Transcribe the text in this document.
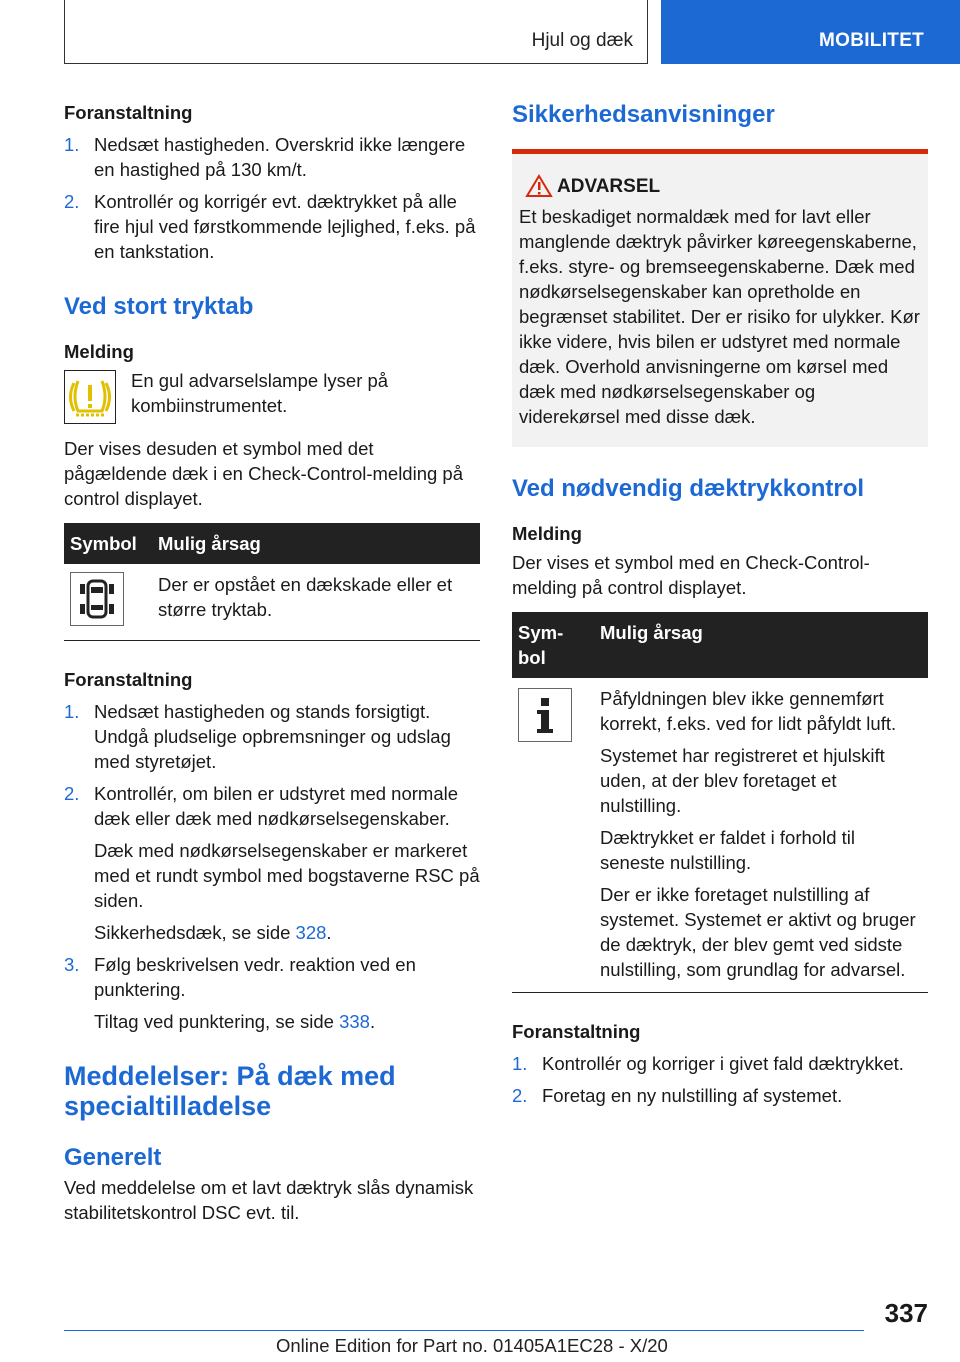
Hjul og dæk	MOBILITET

Foranstaltning

1. Nedsæt hastigheden. Overskrid ikke længere en hastighed på 130 km/t.
2. Kontrollér og korrigér evt. dæktrykket på alle fire hjul ved førstkommende lejlighed, f.eks. på en tankstation.
Ved stort tryktab

Melding

En gul advarselslampe lyser på kombiinstrumentet.

Der vises desuden et symbol med det pågældende dæk i en Check-Control-melding på control displayet.

Symbol	Mulig årsag

	Der er opstået en dækskade eller et større tryktab.

Foranstaltning

1. Nedsæt hastigheden og stands forsigtigt. Undgå pludselige opbremsninger og udslag med styretøjet.
2. Kontrollér, om bilen er udstyret med normale dæk eller dæk med nødkørselsegenskaber.
Dæk med nødkørselsegenskaber er markeret med et rundt symbol med bogstaverne RSC på siden.
Sikkerhedsdæk, se side 328.
3. Følg beskrivelsen vedr. reaktion ved en punktering.
Tiltag ved punktering, se side 338.
Meddelelser: På dæk med specialtilladelse
Generelt

Ved meddelelse om et lavt dæktryk slås dynamisk stabilitetskontrol DSC evt. til.

Sikkerhedsanvisninger

ADVARSEL

Et beskadiget normaldæk med for lavt eller manglende dæktryk påvirker køreegenskaberne, f.eks. styre- og bremseegenskaberne. Dæk med nødkørselsegenskaber kan opretholde en begrænset stabilitet. Der er risiko for ulykker. Kør ikke videre, hvis bilen er udstyret med normale dæk. Overhold anvisningerne om kørsel med dæk med nødkørselsegenskaber og viderekørsel med disse dæk.

Ved nødvendig dæktrykkontrol

Melding

Der vises et symbol med en Check-Control-melding på control displayet.

Sym-bol	Mulig årsag

Påfyldningen blev ikke gennemført korrekt, f.eks. ved for lidt påfyldt luft.
Systemet har registreret et hjulskift uden, at der blev foretaget et nulstilling.
Dæktrykket er faldet i forhold til seneste nulstilling.
Der er ikke foretaget nulstilling af systemet. Systemet er aktivt og bruger de dæktryk, der blev gemt ved sidste nulstilling, som grundlag for advarsel.

Foranstaltning

1. Kontrollér og korriger i givet fald dæktrykket.
2. Foretag en ny nulstilling af systemet.
337
Online Edition for Part no. 01405A1EC28 - X/20
